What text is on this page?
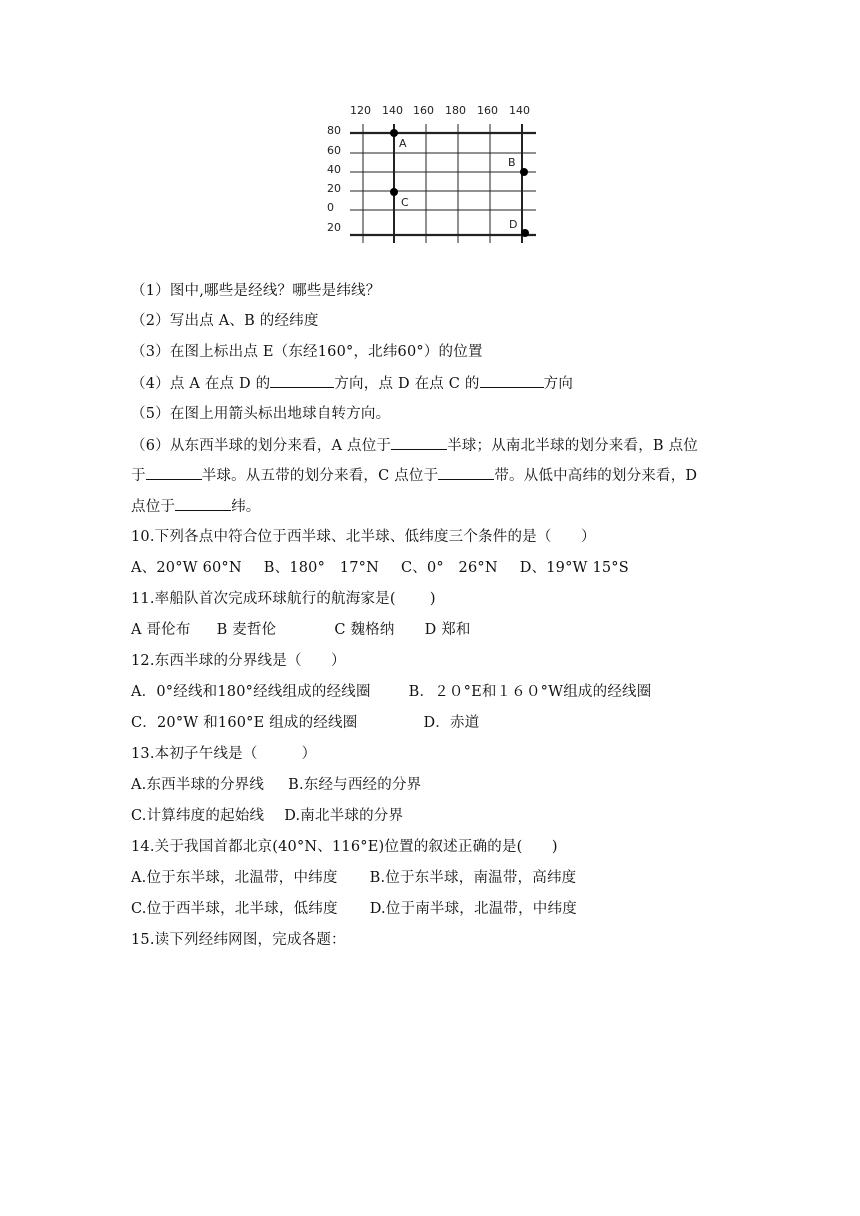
120 140 160 180 160 140
80
60
40
20
0
20
A
B
C
D
（1）图中,哪些是经线？哪些是纬线？
（2）写出点 A、B 的经纬度
（3）在图上标出点 E（东经160°，北纬60°）的位置
（4）点 A 在点 D 的	方向，点 D 在点 C 的	方向
（5）在图上用箭头标出地球自转方向。
（6）从东西半球的划分来看，A 点位于	半球；从南北半球的划分来看，B 点位
于	半球。从五带的划分来看，C 点位于	带。从低中高纬的划分来看，D
点位于	纬。
10.下列各点中符合位于西半球、北半球、低纬度三个条件的是（　　）
A、20°W 60°N B、180°　17°N C、0°　26°N D、19°W 15°S
11.率船队首次完成环球航行的航海家是(　　 )
A 哥伦布 B 麦哲伦	C 魏格纳 D 郑和
12.东西半球的分界线是（　　）
A．0°经线和180°经线组成的经线圈	B．２０°E和１６０°W组成的经线圈
C．20°W 和160°E 组成的经线圈	D．赤道
13.本初子午线是（　　　）
A.东西半球的分界线 B.东经与西经的分界
C.计算纬度的起始线 D.南北半球的分界
14.关于我国首都北京(40°N、116°E)位置的叙述正确的是(　　)
A.位于东半球，北温带，中纬度 B.位于东半球，南温带，高纬度
C.位于西半球，北半球，低纬度 D.位于南半球，北温带，中纬度
15.读下列经纬网图，完成各题：
